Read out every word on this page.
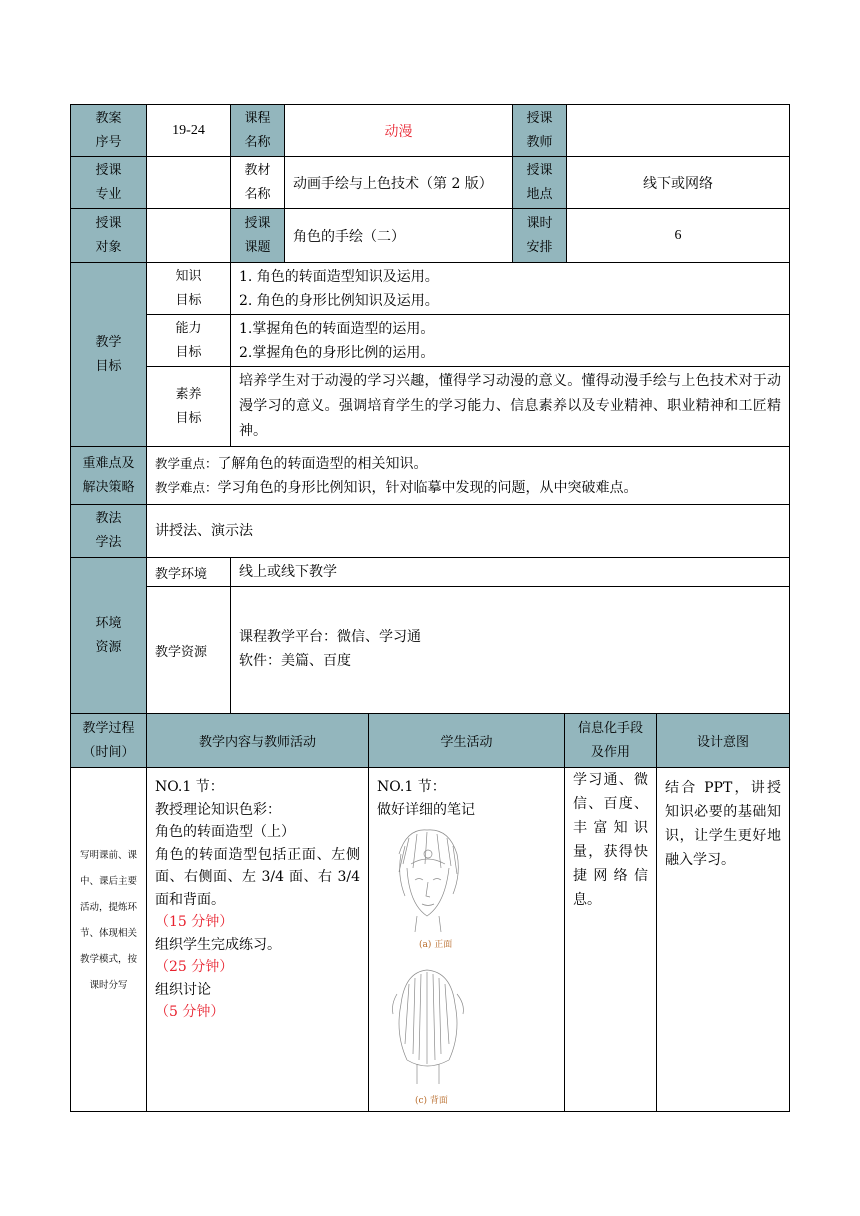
教案
序号
19-24
课程
名称
动漫
授课
教师
授课
专业
教材
名称
动画手绘与上色技术（第 2 版）
授课
地点
线下或网络
授课
对象
授课
课题
角色的手绘（二）
课时
安排
6
教学
目标
知识
目标
1. 角色的转面造型知识及运用。
2. 角色的身形比例知识及运用。
能力
目标
1.掌握角色的转面造型的运用。
2.掌握角色的身形比例的运用。
素养
目标
培养学生对于动漫的学习兴趣，懂得学习动漫的意义。懂得动漫手绘与上色技术对于动漫学习的意义。强调培育学生的学习能力、信息素养以及专业精神、职业精神和工匠精神。
重难点及
解决策略
教学重点：了解角色的转面造型的相关知识。
教学难点：学习角色的身形比例知识，针对临摹中发现的问题，从中突破难点。
教法
学法
讲授法、演示法
环境
资源
教学环境	线上或线下教学
教学资源
课程教学平台：微信、学习通
软件：美篇、百度
教学过程
（时间）
教学内容与教师活动	学生活动
信息化手段
及作用
设计意图
写明课前、课中、课后主要活动，提炼环节、体现相关教学模式，按课时分写
NO.1 节：
教授理论知识色彩：
角色的转面造型（上）
角色的转面造型包括正面、左侧面、右侧面、左 3/4 面、右 3/4 面和背面。
（15 分钟）
组织学生完成练习。
（25 分钟）
组织讨论
（5 分钟）
NO.1 节：
做好详细的笔记
(a) 正面
(c) 背面
学习通、微信、百度、丰富知识量，获得快捷网络信息。
结合 PPT，讲授知识必要的基础知识，让学生更好地融入学习。
